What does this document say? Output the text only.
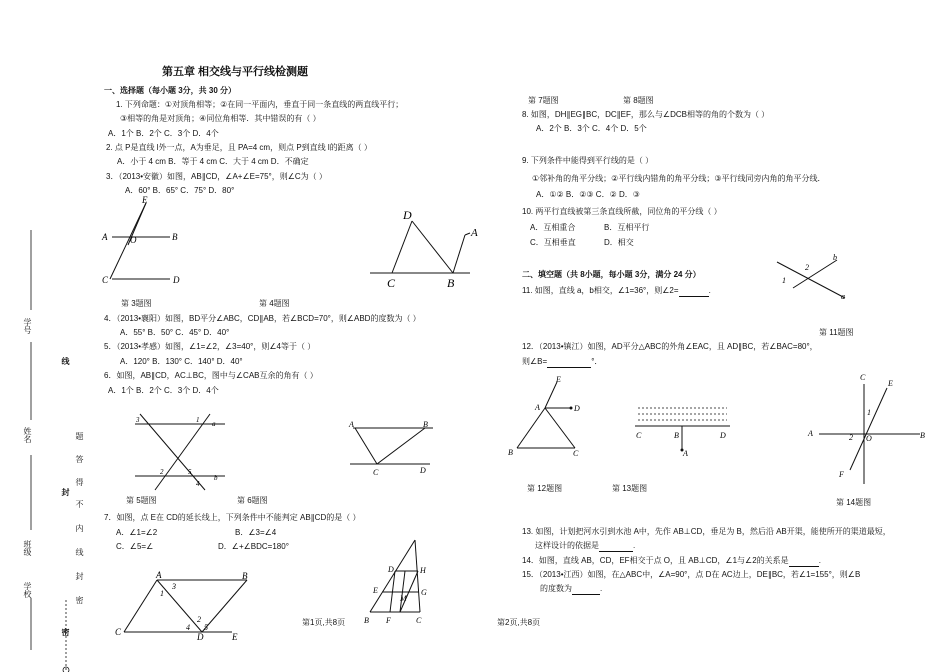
第五章 相交线与平行线检测题
一、选择题（每小题 3分，共 30 分）
1. 下列命题：①对顶角相等；②在同一平面内，垂直于同一条直线的两直线平行；
③相等的角是对顶角；④同位角相等．其中错误的有（ ）
A．1个 B．2个 C．3个 D．4个
2. 点 P是直线 l外一点，A为垂足，且 PA=4 cm，则点 P到直线 l的距离（ ）
A．小于 4 cm B．等于 4 cm C．大于 4 cm D．不确定
3．（2013•安徽）如图，AB∥CD，∠A+∠E=75°，则∠C为（ ）
A．60° B．65° C．75° D．80°
E
A	O	B
C	D
D
A
C	B
第 3题图	第 4题图
4．（2013•襄阳）如图，BD平分∠ABC，CD∥AB，若∠BCD=70°，则∠ABD的度数为（ ）
A．55° B．50° C．45° D．40°
5．（2013•孝感）如图，∠1=∠2，∠3=40°，则∠4等于（ ）
A．120° B．130° C．140° D．40°
6．如图，AB∥CD，AC⊥BC，图中与∠CAB互余的角有（ ）
A．1个 B．2个 C．3个 D．4个
3	1 a
2	5
4
b
A	B
C	D
第 5题图	第 6题图
7．如图，点 E在 CD的延长线上，下列条件中不能判定 AB∥CD的是（ ）
A．∠1=∠2	B．∠3=∠4
C．∠5=∠	D．∠+∠BDC=180°
A	B
C	D	E
3
1
2
4 5
D	H
E	G
M
B F	C
第1页,共8页	第2页,共8页
学号
姓名
班级
学校
线
封
密
题
答
得
不
内
线
封
密
第 7题图	第 8题图
8. 如图，DH∥EG∥BC，DC∥EF，那么与∠DCB相等的角的个数为（ ）
A．2个 B．3个 C．4个 D．5个
9. 下列条件中能得到平行线的是（ ）
①邻补角的角平分线；②平行线内错角的角平分线；③平行线同旁内角的角平分线．
A．①② B．②③ C．② D．③
10. 两平行直线被第三条直线所截，同位角的平分线（ ）
A．互相重合	B．互相平行
C．互相垂直	D．相交
二、填空题（共 8小题，每小题 3分，满分 24 分）
11. 如图，直线 a，b相交，∠1=36°，则∠2=	.
2
1
b
a
第 11题图
12．（2013•镇江）如图，AD平分△ABC的外角∠EAC，且 AD∥BC，若∠BAC=80°，
则∠B=	°．
E
A	D
B	C
C	B	D
A
C
E
1
A	2 O	B
F
第 12题图	第 13题图
第 14题图
13. 如图，计划把河水引到水池 A中，先作 AB⊥CD，垂足为 B，然后沿 AB开渠，能使所开的渠道最短，
这样设计的依据是	.
14．如图，直线 AB，CD，EF相交于点 O，且 AB⊥CD，∠1与∠2的关系是	.
15．（2013•江西）如图，在△ABC中，∠A=90°，点 D在 AC边上，DE∥BC，若∠1=155°，则∠B
的度数为	.
